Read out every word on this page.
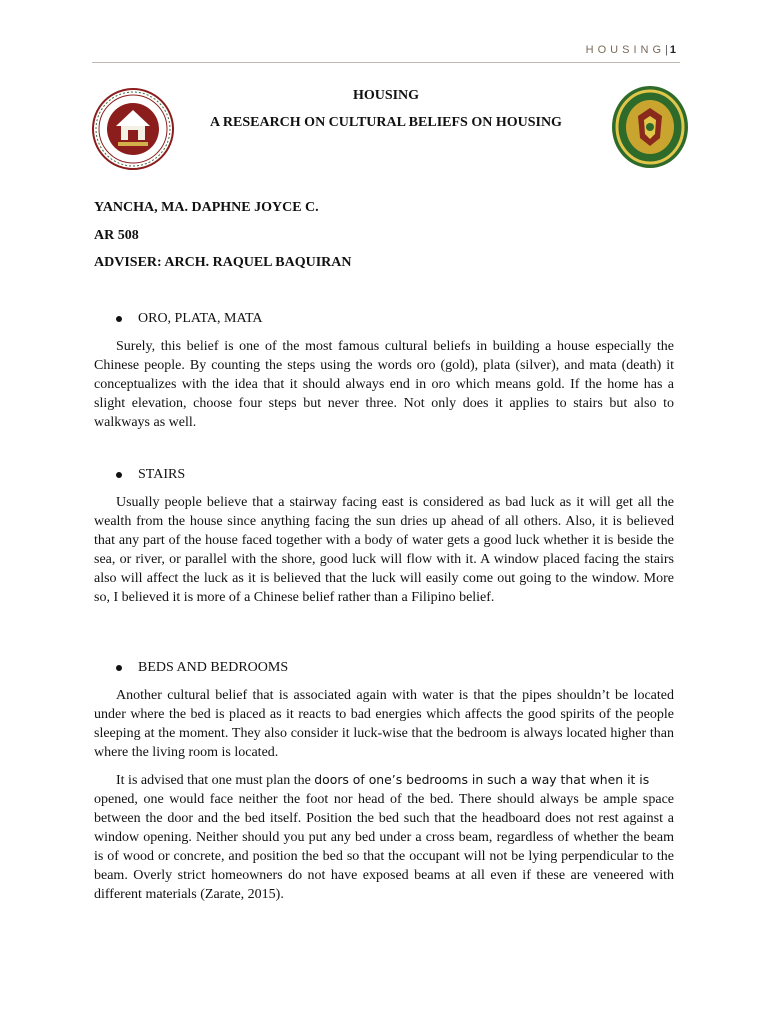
HOUSING | 1
HOUSING
A RESEARCH ON CULTURAL BELIEFS ON HOUSING
YANCHA, MA. DAPHNE JOYCE C.
AR 508
ADVISER: ARCH. RAQUEL BAQUIRAN
ORO, PLATA, MATA

Surely, this belief is one of the most famous cultural beliefs in building a house especially the Chinese people. By counting the steps using the words oro (gold), plata (silver), and mata (death) it conceptualizes with the idea that it should always end in oro which means gold. If the home has a slight elevation, choose four steps but never three. Not only does it applies to stairs but also to walkways as well.

STAIRS

Usually people believe that a stairway facing east is considered as bad luck as it will get all the wealth from the house since anything facing the sun dries up ahead of all others. Also, it is believed that any part of the house faced together with a body of water gets a good luck whether it is beside the sea, or river, or parallel with the shore, good luck will flow with it. A window placed facing the stairs also will affect the luck as it is believed that the luck will easily come out going to the window. More so, I believed it is more of a Chinese belief rather than a Filipino belief.

BEDS AND BEDROOMS

Another cultural belief that is associated again with water is that the pipes shouldn’t be located under where the bed is placed as it reacts to bad energies which affects the good spirits of the people sleeping at the moment. They also consider it luck-wise that the bedroom is always located higher than where the living room is located.

It is advised that one must plan the doors of one’s bedrooms in such a way that when it is
opened, one would face neither the foot nor head of the bed. There should always be ample space between the door and the bed itself. Position the bed such that the headboard does not rest against a window opening. Neither should you put any bed under a cross beam, regardless of whether the beam is of wood or concrete, and position the bed so that the occupant will not be lying perpendicular to the beam. Overly strict homeowners do not have exposed beams at all even if these are veneered with different materials (Zarate, 2015).
